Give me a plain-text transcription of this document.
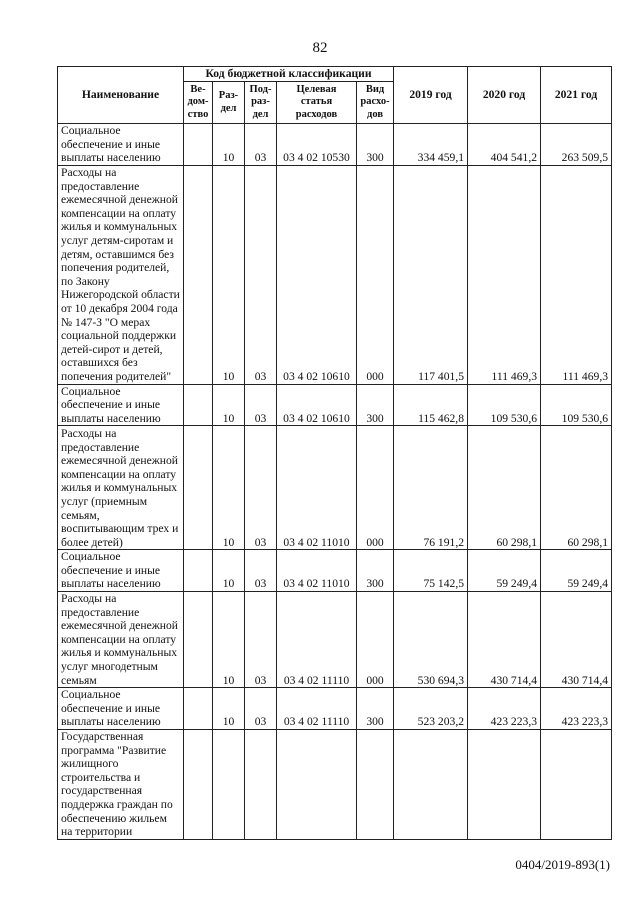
82
Наименование	Код бюджетной классификации					2019 год	2020 год	2021 год
	Ве-дом-ство	Раз-дел	Под-раз-дел	Целевая статья расходов	Вид расхо-дов			
Социальное обеспечение и иные выплаты населению		10	03	03 4 02 10530	300	334 459,1	404 541,2	263 509,5
Расходы на предоставление ежемесячной денежной компенсации на оплату жилья и коммунальных услуг детям-сиротам и детям, оставшимся без попечения родителей, по Закону Нижегородской области от 10 декабря 2004 года № 147-З "О мерах социальной поддержки детей-сирот и детей, оставшихся без попечения родителей"		10	03	03 4 02 10610	000	117 401,5	111 469,3	111 469,3
Социальное обеспечение и иные выплаты населению		10	03	03 4 02 10610	300	115 462,8	109 530,6	109 530,6
Расходы на предоставление ежемесячной денежной компенсации на оплату жилья и коммунальных услуг (приемным семьям, воспитывающим трех и более детей)		10	03	03 4 02 11010	000	76 191,2	60 298,1	60 298,1
Социальное обеспечение и иные выплаты населению		10	03	03 4 02 11010	300	75 142,5	59 249,4	59 249,4
Расходы на предоставление ежемесячной денежной компенсации на оплату жилья и коммунальных услуг многодетным семьям		10	03	03 4 02 11110	000	530 694,3	430 714,4	430 714,4
Социальное обеспечение и иные выплаты населению		10	03	03 4 02 11110	300	523 203,2	423 223,3	423 223,3
Государственная программа "Развитие жилищного строительства и государственная поддержка граждан по обеспечению жильем на территории								
0404/2019-893(1)
